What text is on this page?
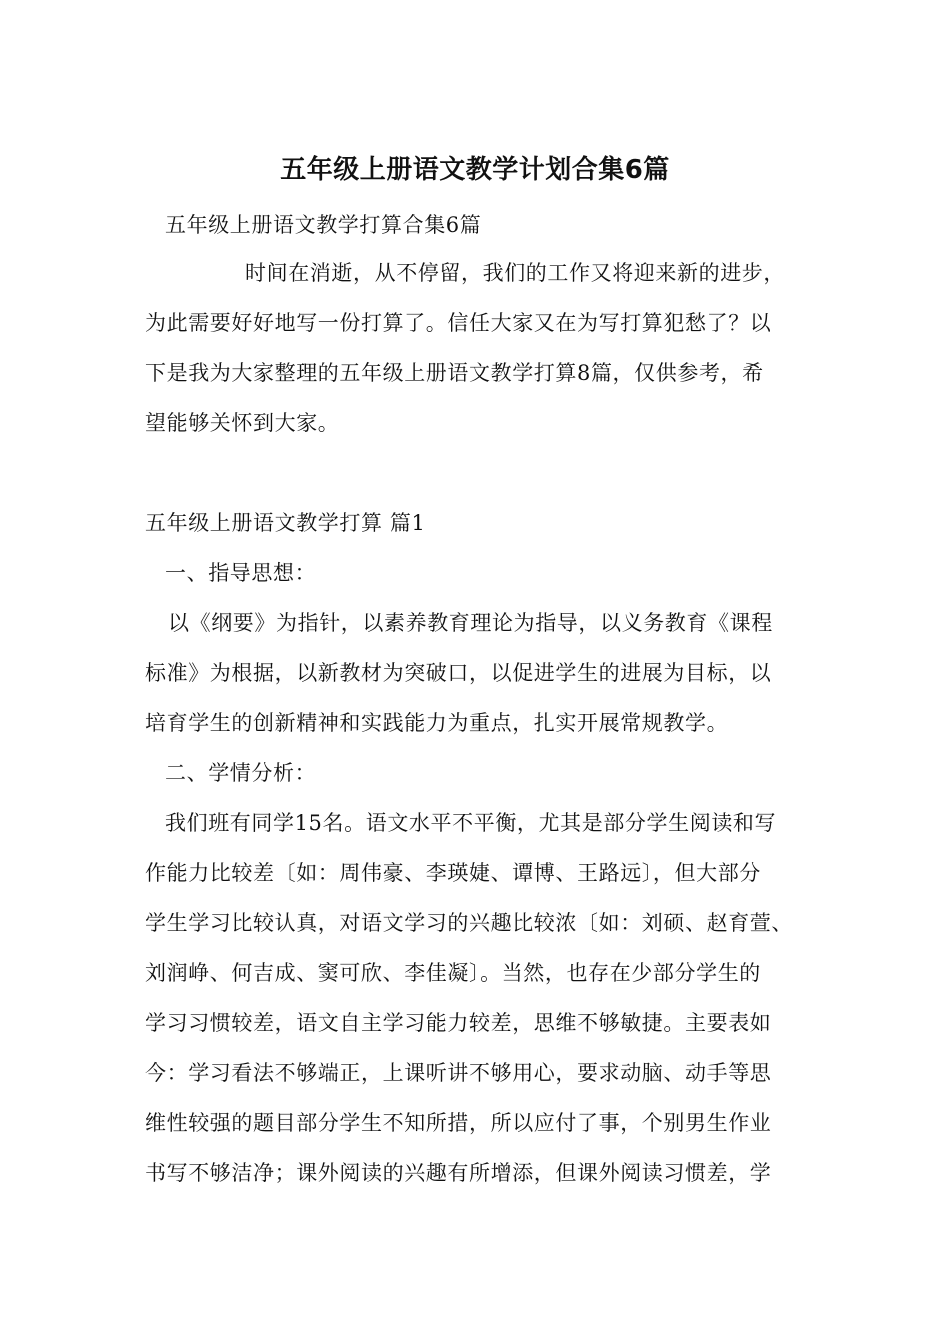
五年级上册语文教学计划合集6篇
五年级上册语文教学打算合集6篇
时间在消逝，从不停留，我们的工作又将迎来新的进步，
为此需要好好地写一份打算了。信任大家又在为写打算犯愁了？以
下是我为大家整理的五年级上册语文教学打算8篇，仅供参考，希
望能够关怀到大家。
五年级上册语文教学打算 篇1
一、指导思想：
以《纲要》为指针，以素养教育理论为指导，以义务教育《课程
标准》为根据，以新教材为突破口，以促进学生的进展为目标，以
培育学生的创新精神和实践能力为重点，扎实开展常规教学。
二、学情分析：
我们班有同学15名。语文水平不平衡，尤其是部分学生阅读和写
作能力比较差〔如：周伟豪、李瑛婕、谭博、王路远〕，但大部分
学生学习比较认真，对语文学习的兴趣比较浓〔如：刘硕、赵育萱、
刘润峥、何吉成、窦可欣、李佳凝〕。当然，也存在少部分学生的
学习习惯较差，语文自主学习能力较差，思维不够敏捷。主要表如
今：学习看法不够端正，上课听讲不够用心，要求动脑、动手等思
维性较强的题目部分学生不知所措，所以应付了事，个别男生作业
书写不够洁净；课外阅读的兴趣有所增添，但课外阅读习惯差，学
